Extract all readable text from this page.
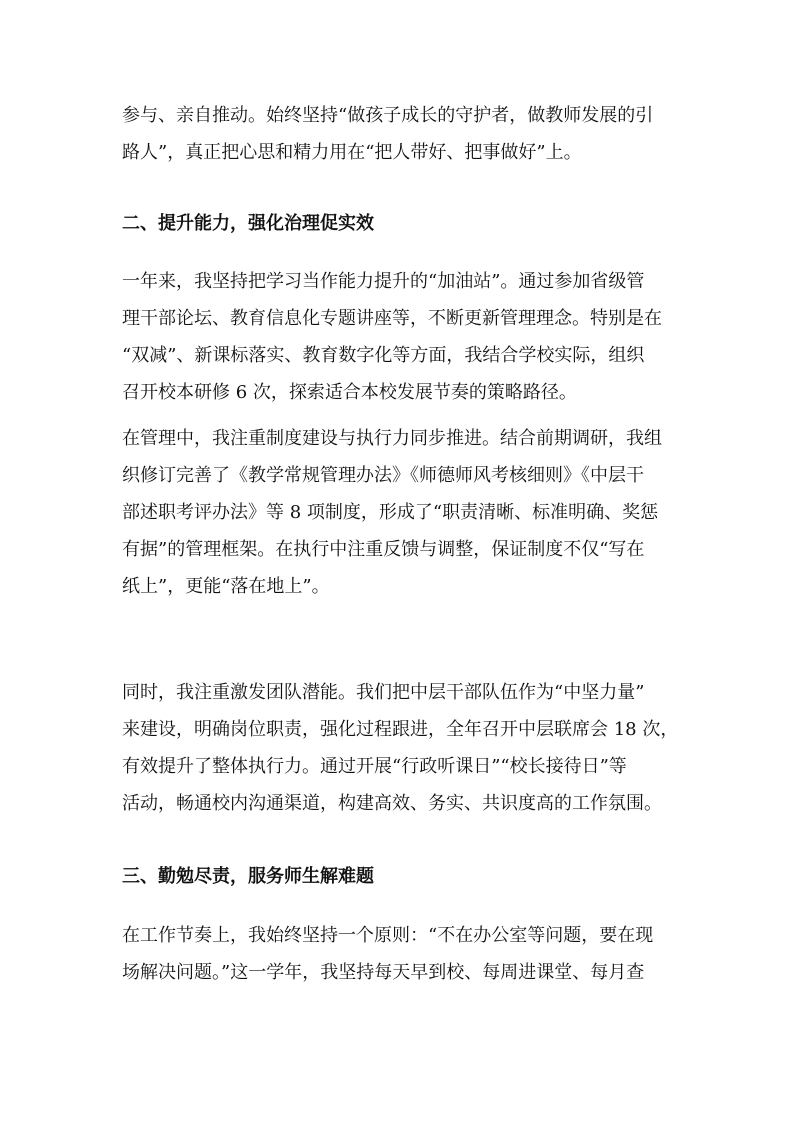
参与、亲自推动。始终坚持“做孩子成长的守护者，做教师发展的引
路人”，真正把心思和精力用在“把人带好、把事做好”上。
二、提升能力，强化治理促实效
一年来，我坚持把学习当作能力提升的“加油站”。通过参加省级管
理干部论坛、教育信息化专题讲座等，不断更新管理理念。特别是在
“双减”、新课标落实、教育数字化等方面，我结合学校实际，组织
召开校本研修 6 次，探索适合本校发展节奏的策略路径。
在管理中，我注重制度建设与执行力同步推进。结合前期调研，我组
织修订完善了《教学常规管理办法》《师德师风考核细则》《中层干
部述职考评办法》等 8 项制度，形成了“职责清晰、标准明确、奖惩
有据”的管理框架。在执行中注重反馈与调整，保证制度不仅“写在
纸上”，更能“落在地上”。
同时，我注重激发团队潜能。我们把中层干部队伍作为“中坚力量”
来建设，明确岗位职责，强化过程跟进，全年召开中层联席会 18 次，
有效提升了整体执行力。通过开展“行政听课日”“校长接待日”等
活动，畅通校内沟通渠道，构建高效、务实、共识度高的工作氛围。
三、勤勉尽责，服务师生解难题
在工作节奏上，我始终坚持一个原则：“不在办公室等问题，要在现
场解决问题。”这一学年，我坚持每天早到校、每周进课堂、每月查
